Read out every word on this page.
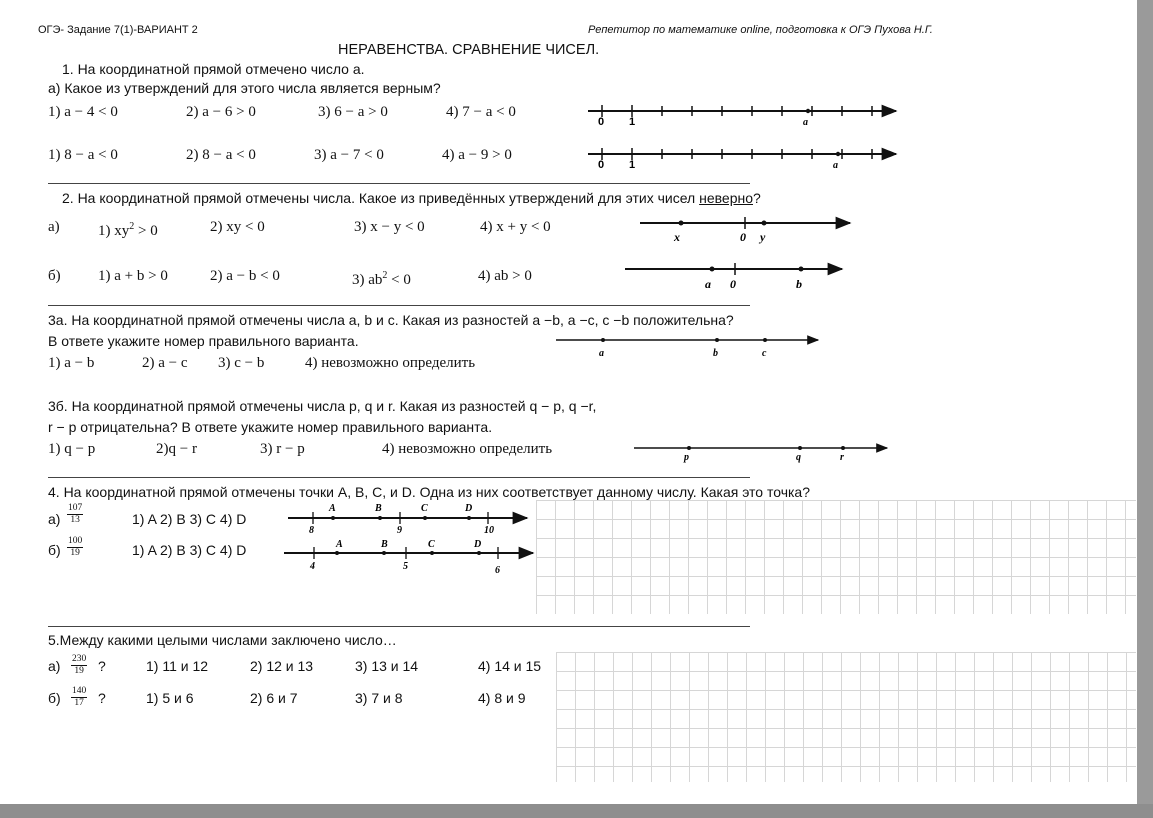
ОГЭ- Задание 7(1)-ВАРИАНТ 2	Репетитор по математике online, подготовка к ОГЭ Пухова Н.Г.
НЕРАВЕНСТВА. СРАВНЕНИЕ ЧИСЕЛ.
1. На координатной прямой отмечено число а.
а) Какое из утверждений для этого числа является верным?
1) a − 4 < 0	2) a − 6 > 0	3) 6 − a > 0	4) 7 − a < 0
1) 8 − a < 0	2) 8 − a < 0	3) a − 7 < 0	4) a − 9 > 0
2. На координатной прямой отмечены числа. Какое из приведённых утверждений для этих чисел неверно?
а)	1) $xy^2 > 0$	2) xy < 0	3) x − y < 0	4) x + y < 0
б) 1) a + b > 0	2) a − b < 0	3) $ab^2 < 0$	4) ab > 0
3а. На координатной прямой отмечены числа a, b и c. Какая из разностей a −b, a −c, c −b положительна?
В ответе укажите номер правильного варианта.
1) a − b	2) a − c 3) c − b	4) невозможно определить
3б. На координатной прямой отмечены числа p, q и r. Какая из разностей q − p, q −r,
r − p отрицательна? В ответе укажите номер правильного варианта.
1) q − p	2)q − r	3) r − p	4) невозможно определить
4. На координатной прямой отмечены точки A, B, C, и D. Одна из них соответствует данному числу. Какая это точка?
$а) \frac{107}{13}$	1) A 2) B 3) C 4) D
$б) \frac{100}{19}$	1) A 2) B 3) C 4) D
5.Между какими целыми числами заключено число…
$а) \frac{230}{19}$ ?	1) 11 и 12	2) 12 и 13	3) 13 и 14	4) 14 и 15
$б) \frac{140}{17}$ ?	1) 5 и 6	2) 6 и 7	3) 7 и 8	4) 8 и 9
0 1	a
0 1	a
x	0 y
a 0	b
a	b	c
p	q	r
A	B	C	D
8	9	10
A	B	C	D
4	5	6
